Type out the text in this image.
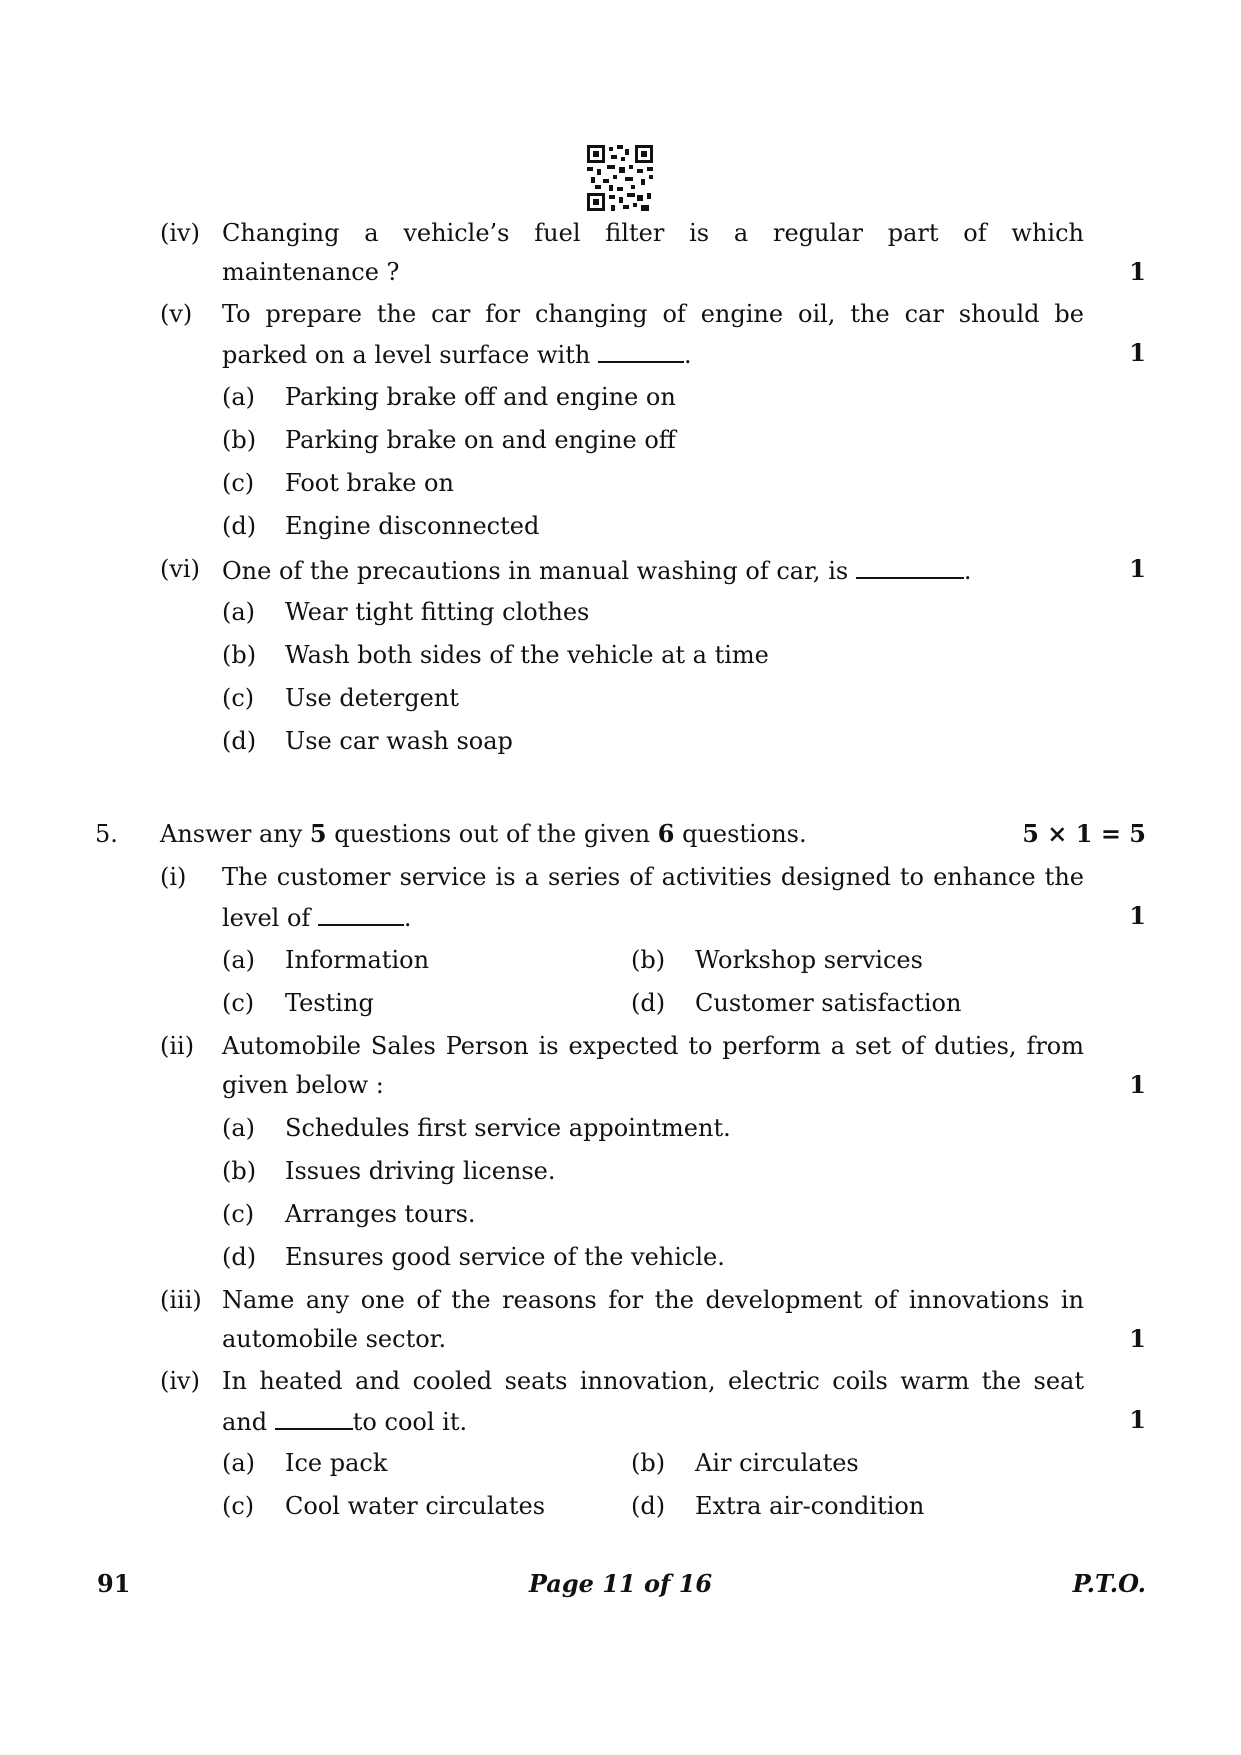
(iv) Changing a vehicle’s fuel filter is a regular part of which
maintenance ?	1
(v) To prepare the car for changing of engine oil, the car should be
parked on a level surface with	.	1
(a) Parking brake off and engine on
(b) Parking brake on and engine off
(c) Foot brake on
(d) Engine disconnected
(vi) One of the precautions in manual washing of car, is	.	1
(a) Wear tight fitting clothes
(b) Wash both sides of the vehicle at a time
(c) Use detergent
(d) Use car wash soap
5. Answer any 5 questions out of the given 6 questions.	5 × 1 = 5
(i) The customer service is a series of activities designed to enhance the
level of	.	1
(a) Information	(b) Workshop services
(c) Testing	(d) Customer satisfaction
(ii) Automobile Sales Person is expected to perform a set of duties, from
given below :	1
(a) Schedules first service appointment.
(b) Issues driving license.
(c) Arranges tours.
(d) Ensures good service of the vehicle.
(iii) Name any one of the reasons for the development of innovations in
automobile sector.	1
(iv) In heated and cooled seats innovation, electric coils warm the seat
and	to cool it.	1
(a) Ice pack	(b) Air circulates
(c) Cool water circulates	(d) Extra air-condition
91	Page 11 of 16	P.T.O.
